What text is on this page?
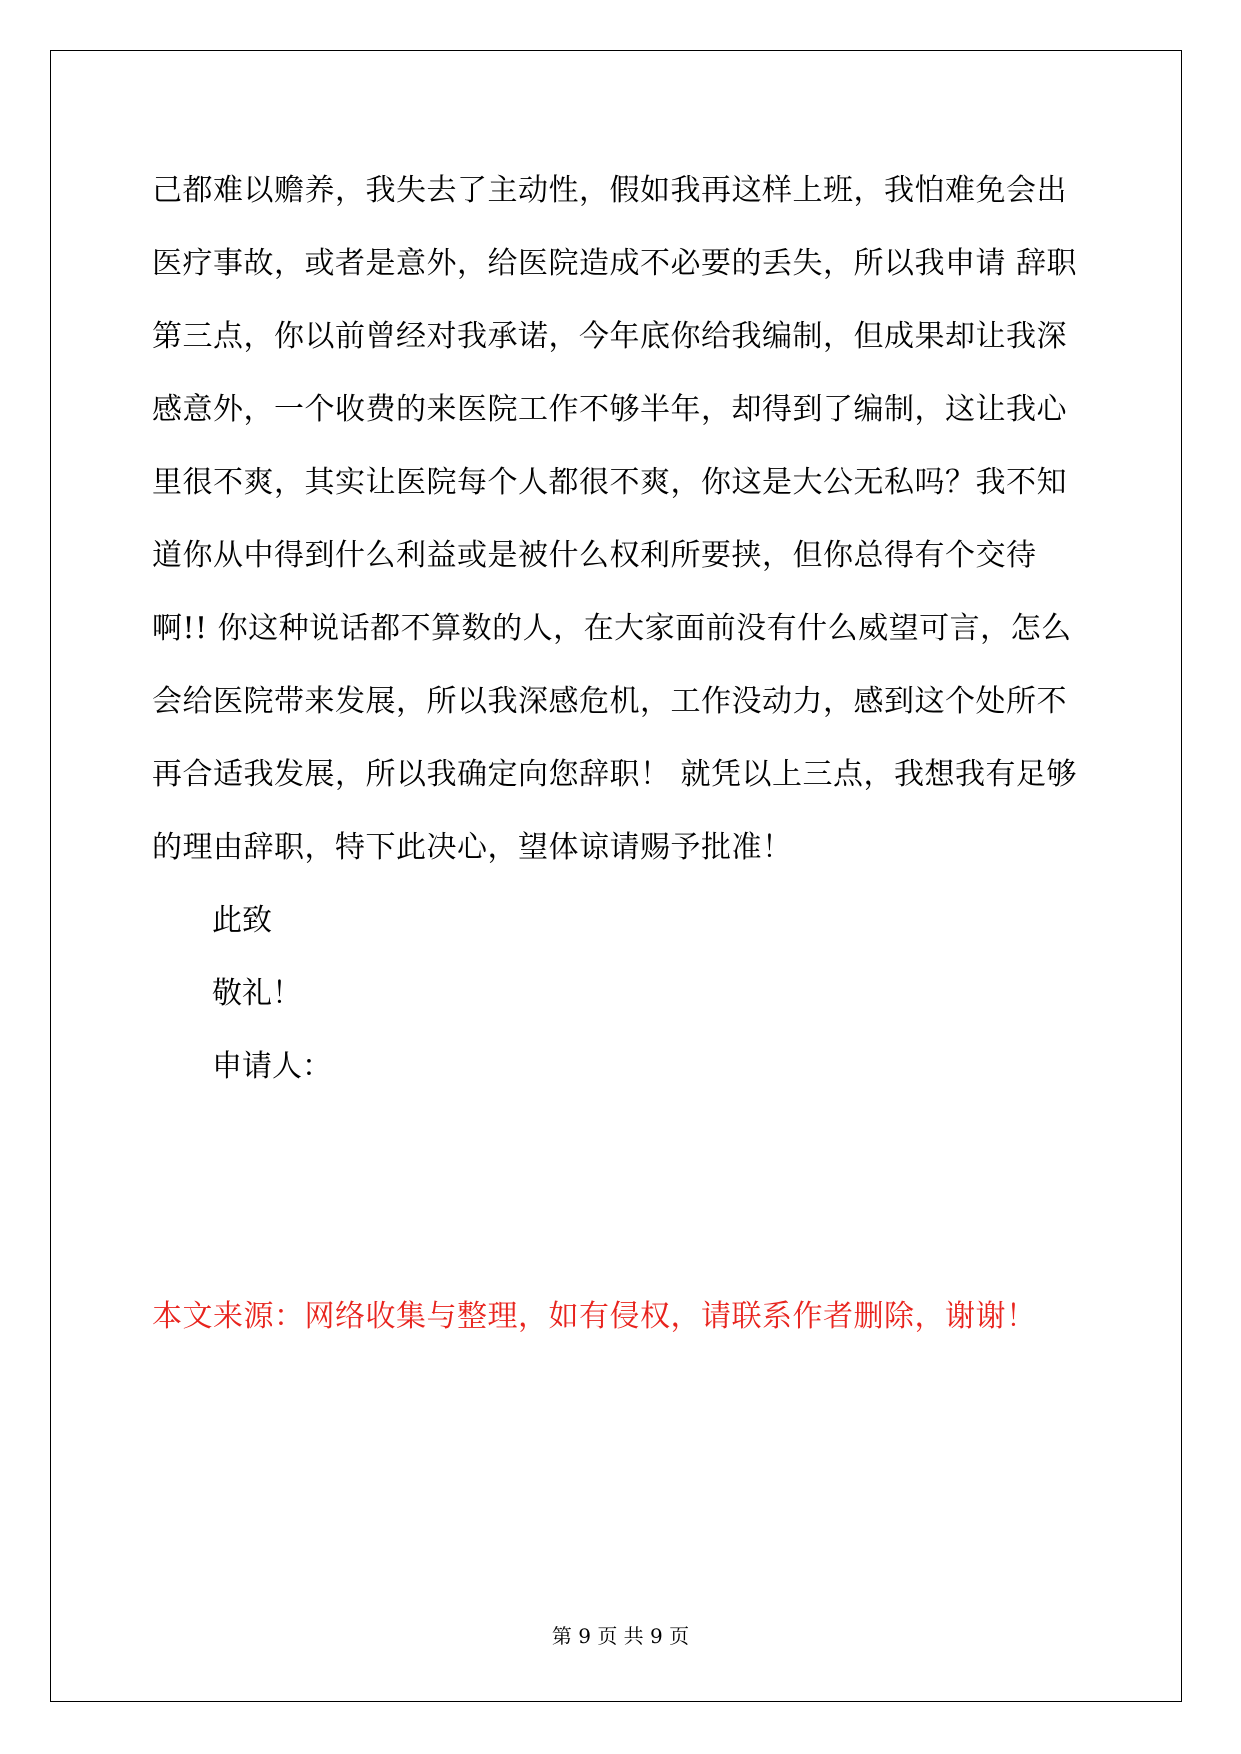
己都难以赡养，我失去了主动性，假如我再这样上班，我怕难免会出
医疗事故，或者是意外，给医院造成不必要的丢失，所以我申请 辞职
第三点，你以前曾经对我承诺，今年底你给我编制，但成果却让我深
感意外，一个收费的来医院工作不够半年，却得到了编制，这让我心
里很不爽，其实让医院每个人都很不爽，你这是大公无私吗？我不知
道你从中得到什么利益或是被什么权利所要挟，但你总得有个交待
啊!! 你这种说话都不算数的人，在大家面前没有什么威望可言，怎么
会给医院带来发展，所以我深感危机，工作没动力，感到这个处所不
再合适我发展，所以我确定向您辞职！ 就凭以上三点，我想我有足够
的理由辞职，特下此决心，望体谅请赐予批准！
此致
敬礼！
申请人：
本文来源：网络收集与整理，如有侵权，请联系作者删除，谢谢！
第 9 页 共 9 页
